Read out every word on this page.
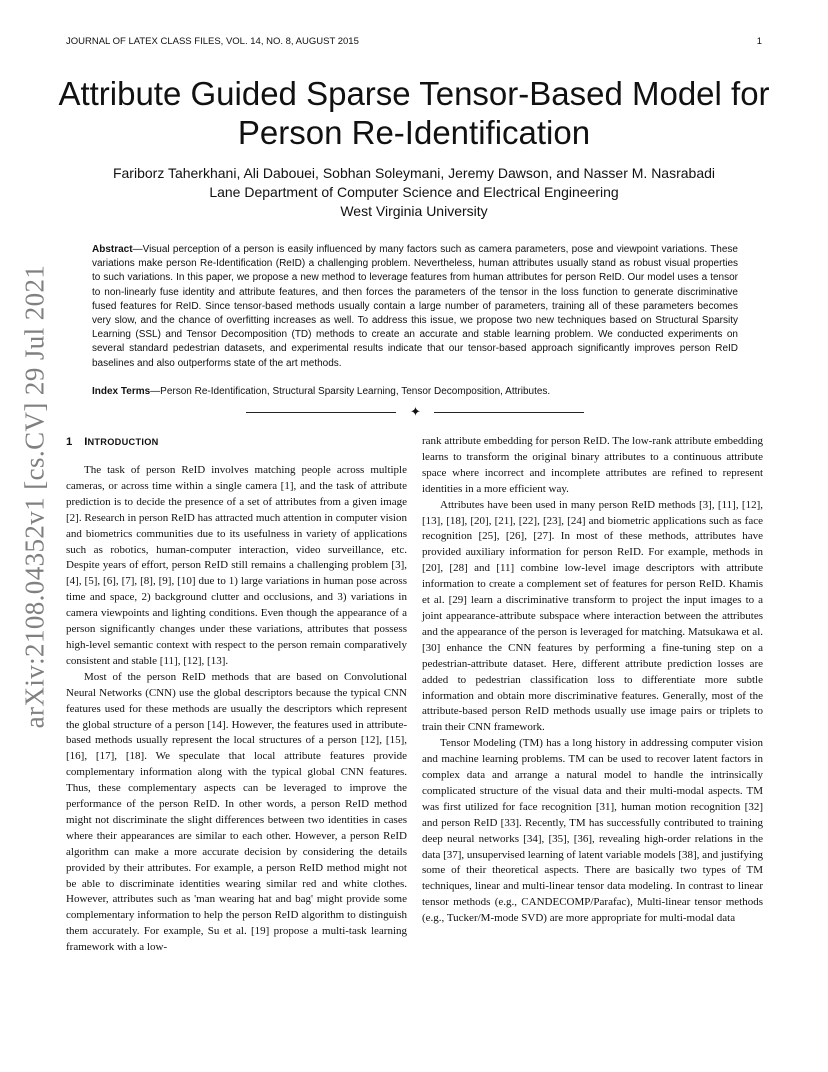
JOURNAL OF LATEX CLASS FILES, VOL. 14, NO. 8, AUGUST 2015	1
arXiv:2108.04352v1 [cs.CV] 29 Jul 2021
Attribute Guided Sparse Tensor-Based Model for Person Re-Identification
Fariborz Taherkhani, Ali Dabouei, Sobhan Soleymani, Jeremy Dawson, and Nasser M. Nasrabadi
Lane Department of Computer Science and Electrical Engineering
West Virginia University
Abstract—Visual perception of a person is easily influenced by many factors such as camera parameters, pose and viewpoint variations. These variations make person Re-Identification (ReID) a challenging problem. Nevertheless, human attributes usually stand as robust visual properties to such variations. In this paper, we propose a new method to leverage features from human attributes for person ReID. Our model uses a tensor to non-linearly fuse identity and attribute features, and then forces the parameters of the tensor in the loss function to generate discriminative fused features for ReID. Since tensor-based methods usually contain a large number of parameters, training all of these parameters becomes very slow, and the chance of overfitting increases as well. To address this issue, we propose two new techniques based on Structural Sparsity Learning (SSL) and Tensor Decomposition (TD) methods to create an accurate and stable learning problem. We conducted experiments on several standard pedestrian datasets, and experimental results indicate that our tensor-based approach significantly improves person ReID baselines and also outperforms state of the art methods.
Index Terms—Person Re-Identification, Structural Sparsity Learning, Tensor Decomposition, Attributes.
✦
1 INTRODUCTION

The task of person ReID involves matching people across multiple cameras, or across time within a single camera [1], and the task of attribute prediction is to decide the presence of a set of attributes from a given image [2]. Research in person ReID has attracted much attention in computer vision and biometrics communities due to its usefulness in variety of applications such as robotics, human-computer interaction, video surveillance, etc. Despite years of effort, person ReID still remains a challenging problem [3], [4], [5], [6], [7], [8], [9], [10] due to 1) large variations in human pose across time and space, 2) background clutter and occlusions, and 3) variations in camera viewpoints and lighting conditions. Even though the appearance of a person significantly changes under these variations, attributes that possess high-level semantic context with respect to the person remain comparatively consistent and stable [11], [12], [13].

Most of the person ReID methods that are based on Convolutional Neural Networks (CNN) use the global descriptors because the typical CNN features used for these methods are usually the descriptors which represent the global structure of a person [14]. However, the features used in attribute-based methods usually represent the local structures of a person [12], [15], [16], [17], [18]. We speculate that local attribute features provide complementary information along with the typical global CNN features. Thus, these complementary aspects can be leveraged to improve the performance of the person ReID. In other words, a person ReID method might not discriminate the slight differences between two identities in cases where their appearances are similar to each other. However, a person ReID algorithm can make a more accurate decision by considering the details provided by their attributes. For example, a person ReID method might not be able to discriminate identities wearing similar red and white clothes. However, attributes such as 'man wearing hat and bag' might provide some complementary information to help the person ReID algorithm to distinguish them accurately. For example, Su et al. [19] propose a multi-task learning framework with a low-

rank attribute embedding for person ReID. The low-rank attribute embedding learns to transform the original binary attributes to a continuous attribute space where incorrect and incomplete attributes are refined to represent identities in a more efficient way.

Attributes have been used in many person ReID methods [3], [11], [12], [13], [18], [20], [21], [22], [23], [24] and biometric applications such as face recognition [25], [26], [27]. In most of these methods, attributes have provided auxiliary information for person ReID. For example, methods in [20], [28] and [11] combine low-level image descriptors with attribute information to create a complement set of features for person ReID. Khamis et al. [29] learn a discriminative transform to project the input images to a joint appearance-attribute subspace where interaction between the attributes and the appearance of the person is leveraged for matching. Matsukawa et al. [30] enhance the CNN features by performing a fine-tuning step on a pedestrian-attribute dataset. Here, different attribute prediction losses are added to pedestrian classification loss to differentiate more subtle information and obtain more discriminative features. Generally, most of the attribute-based person ReID methods usually use image pairs or triplets to train their CNN framework.

Tensor Modeling (TM) has a long history in addressing computer vision and machine learning problems. TM can be used to recover latent factors in complex data and arrange a natural model to handle the intrinsically complicated structure of the visual data and their multi-modal aspects. TM was first utilized for face recognition [31], human motion recognition [32] and person ReID [33]. Recently, TM has successfully contributed to training deep neural networks [34], [35], [36], revealing high-order relations in the data [37], unsupervised learning of latent variable models [38], and justifying some of their theoretical aspects. There are basically two types of TM techniques, linear and multi-linear tensor data modeling. In contrast to linear tensor methods (e.g., CANDECOMP/Parafac), Multi-linear tensor methods (e.g., Tucker/M-mode SVD) are more appropriate for multi-modal data
